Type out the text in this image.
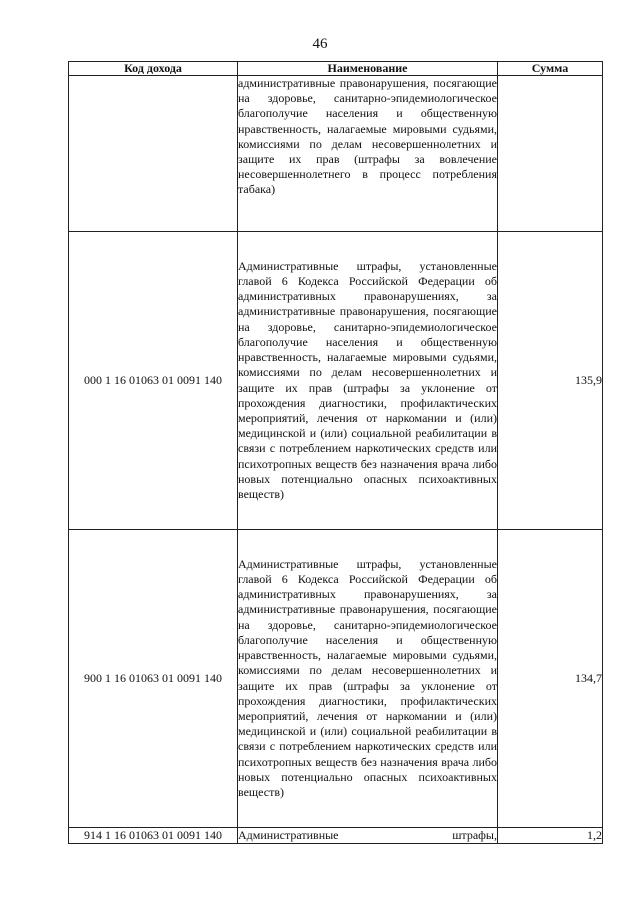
46
Код дохода	Наименование	Сумма
	административные правонарушения, посягающие на здоровье, санитарно-эпидемиологическое благополучие населения и общественную нравственность, налагаемые мировыми судьями, комиссиями по делам несовершеннолетних и защите их прав (штрафы за вовлечение несовершеннолетнего в процесс потребления табака)	
000 1 16 01063 01 0091 140	Административные штрафы, установленные главой 6 Кодекса Российской Федерации об административных правонарушениях, за административные правонарушения, посягающие на здоровье, санитарно-эпидемиологическое благополучие населения и общественную нравственность, налагаемые мировыми судьями, комиссиями по делам несовершеннолетних и защите их прав (штрафы за уклонение от прохождения диагностики, профилактических мероприятий, лечения от наркомании и (или) медицинской и (или) социальной реабилитации в связи с потреблением наркотических средств или психотропных веществ без назначения врача либо новых потенциально опасных психоактивных веществ)	135,9
900 1 16 01063 01 0091 140	Административные штрафы, установленные главой 6 Кодекса Российской Федерации об административных правонарушениях, за административные правонарушения, посягающие на здоровье, санитарно-эпидемиологическое благополучие населения и общественную нравственность, налагаемые мировыми судьями, комиссиями по делам несовершеннолетних и защите их прав (штрафы за уклонение от прохождения диагностики, профилактических мероприятий, лечения от наркомании и (или) медицинской и (или) социальной реабилитации в связи с потреблением наркотических средств или психотропных веществ без назначения врача либо новых потенциально опасных психоактивных веществ)	134,7
914 1 16 01063 01 0091 140	Административные штрафы,	1,2
